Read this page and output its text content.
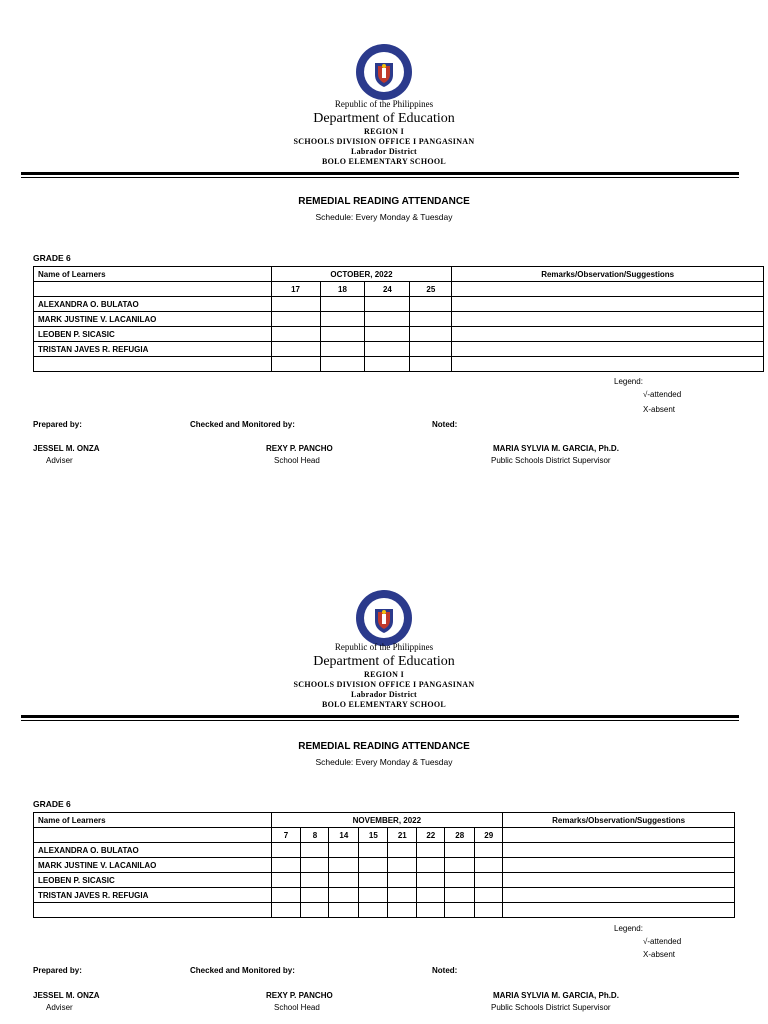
Republic of the Philippines
Department of Education
REGION I
SCHOOLS DIVISION OFFICE I PANGASINAN
Labrador District
BOLO ELEMENTARY SCHOOL
REMEDIAL READING ATTENDANCE
Schedule: Every Monday & Tuesday
GRADE 6
Name of Learners	OCTOBER, 2022				Remarks/Observation/Suggestions
	17	18	24	25	
ALEXANDRA O. BULATAO					
MARK JUSTINE V. LACANILAO					
LEOBEN P. SICASIC					
TRISTAN JAVES R. REFUGIA					

Legend:
√-attended
X-absent
Prepared by:	Checked and Monitored by:	Noted:
JESSEL M. ONZA
Adviser
REXY P. PANCHO
School Head
MARIA SYLVIA M. GARCIA, Ph.D.
Public Schools District Supervisor
Republic of the Philippines
Department of Education
REGION I
SCHOOLS DIVISION OFFICE I PANGASINAN
Labrador District
BOLO ELEMENTARY SCHOOL
REMEDIAL READING ATTENDANCE
Schedule: Every Monday & Tuesday
GRADE 6
Name of Learners	NOVEMBER, 2022								Remarks/Observation/Suggestions
	7	8	14	15	21	22	28	29	
ALEXANDRA O. BULATAO									
MARK JUSTINE V. LACANILAO									
LEOBEN P. SICASIC									
TRISTAN JAVES R. REFUGIA									

Legend:
√-attended
X-absent
Prepared by:	Checked and Monitored by:	Noted:
JESSEL M. ONZA
Adviser
REXY P. PANCHO
School Head
MARIA SYLVIA M. GARCIA, Ph.D.
Public Schools District Supervisor
